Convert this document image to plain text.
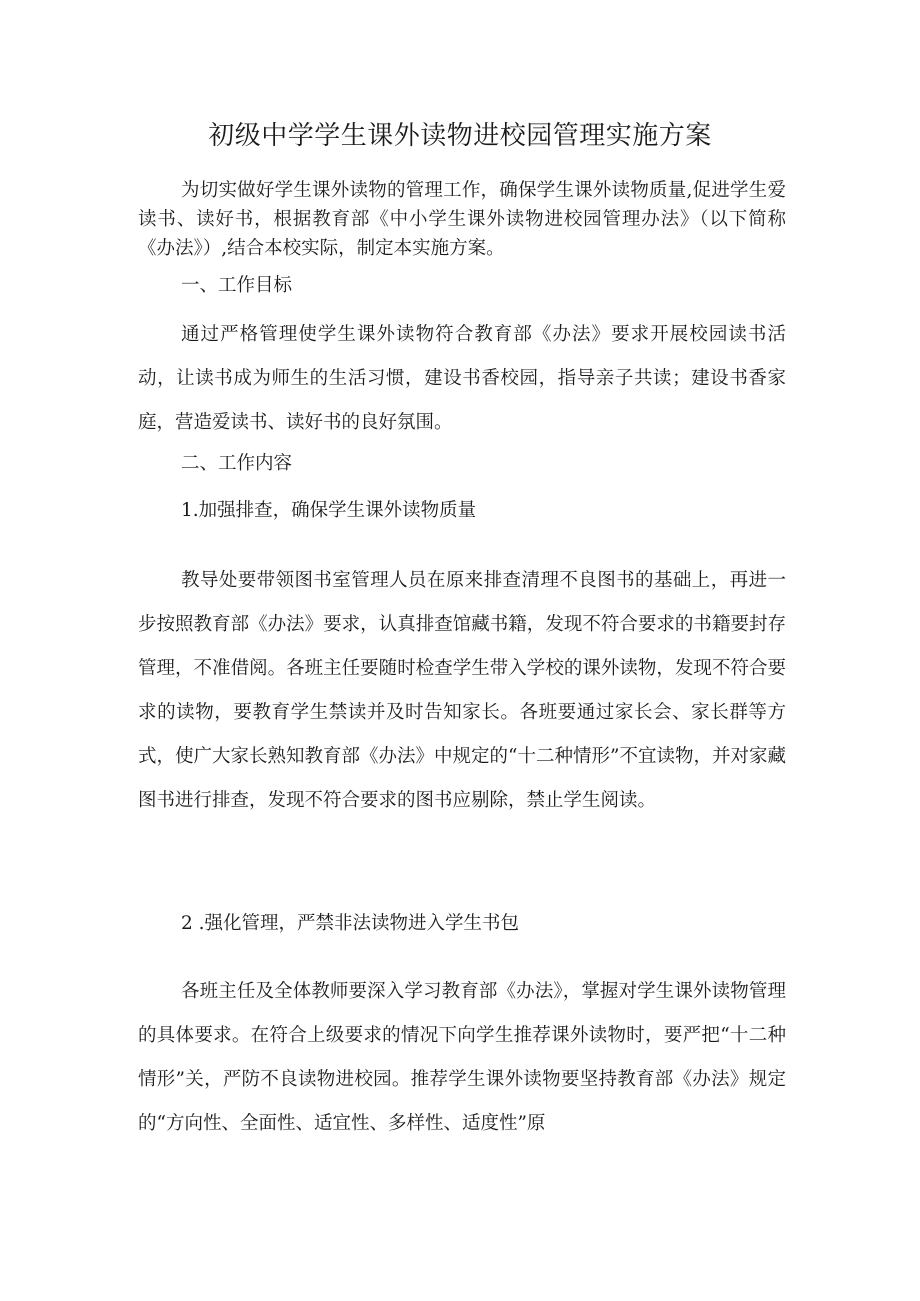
初级中学学生课外读物进校园管理实施方案

为切实做好学生课外读物的管理工作，确保学生课外读物质量,促进学生爱读书、读好书，根据教育部《中小学生课外读物进校园管理办法》（以下简称《办法》）,结合本校实际，制定本实施方案。

一、工作目标

通过严格管理使学生课外读物符合教育部《办法》要求开展校园读书活动，让读书成为师生的生活习惯，建设书香校园，指导亲子共读；建设书香家庭，营造爱读书、读好书的良好氛围。

二、工作内容

1.加强排查，确保学生课外读物质量

教导处要带领图书室管理人员在原来排查清理不良图书的基础上，再进一步按照教育部《办法》要求，认真排查馆藏书籍，发现不符合要求的书籍要封存管理，不准借阅。各班主任要随时检查学生带入学校的课外读物，发现不符合要求的读物，要教育学生禁读并及时告知家长。各班要通过家长会、家长群等方式，使广大家长熟知教育部《办法》中规定的“十二种情形”不宜读物，并对家藏图书进行排查，发现不符合要求的图书应剔除，禁止学生阅读。

2 .强化管理，严禁非法读物进入学生书包

各班主任及全体教师要深入学习教育部《办法》，掌握对学生课外读物管理的具体要求。在符合上级要求的情况下向学生推荐课外读物时，要严把“十二种情形”关，严防不良读物进校园。推荐学生课外读物要坚持教育部《办法》规定的“方向性、全面性、适宜性、多样性、适度性”原
